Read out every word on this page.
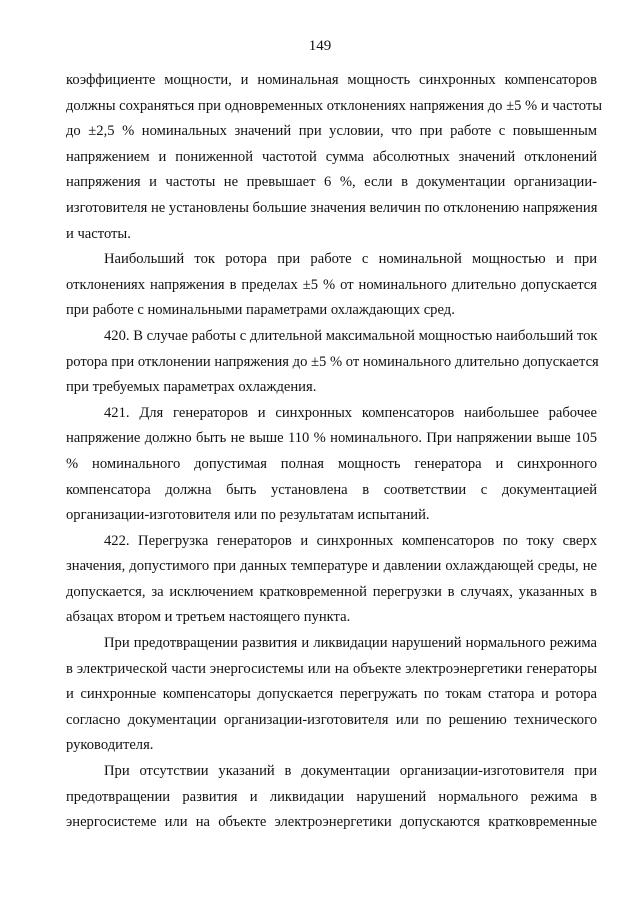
149
коэффициенте мощности, и номинальная мощность синхронных компенсаторов
должны сохраняться при одновременных отклонениях напряжения до ±5 % и частоты
до ±2,5 % номинальных значений при условии, что при работе с повышенным
напряжением и пониженной частотой сумма абсолютных значений отклонений
напряжения и частоты не превышает 6 %, если в документации организации-
изготовителя не установлены большие значения величин по отклонению напряжения
и частоты.
Наибольший ток ротора при работе с номинальной мощностью и при
отклонениях напряжения в пределах ±5 % от номинального длительно допускается
при работе с номинальными параметрами охлаждающих сред.
420. В случае работы с длительной максимальной мощностью наибольший ток
ротора при отклонении напряжения до ±5 % от номинального длительно допускается
при требуемых параметрах охлаждения.
421. Для генераторов и синхронных компенсаторов наибольшее рабочее
напряжение должно быть не выше 110 % номинального. При напряжении выше 105
% номинального допустимая полная мощность генератора и синхронного
компенсатора должна быть установлена в соответствии с документацией
организации-изготовителя или по результатам испытаний.
422. Перегрузка генераторов и синхронных компенсаторов по току сверх
значения, допустимого при данных температуре и давлении охлаждающей среды, не
допускается, за исключением кратковременной перегрузки в случаях, указанных в
абзацах втором и третьем настоящего пункта.
При предотвращении развития и ликвидации нарушений нормального режима
в электрической части энергосистемы или на объекте электроэнергетики генераторы
и синхронные компенсаторы допускается перегружать по токам статора и ротора
согласно документации организации-изготовителя или по решению технического
руководителя.
При отсутствии указаний в документации организации-изготовителя при
предотвращении развития и ликвидации нарушений нормального режима в
энергосистеме или на объекте электроэнергетики допускаются кратковременные
